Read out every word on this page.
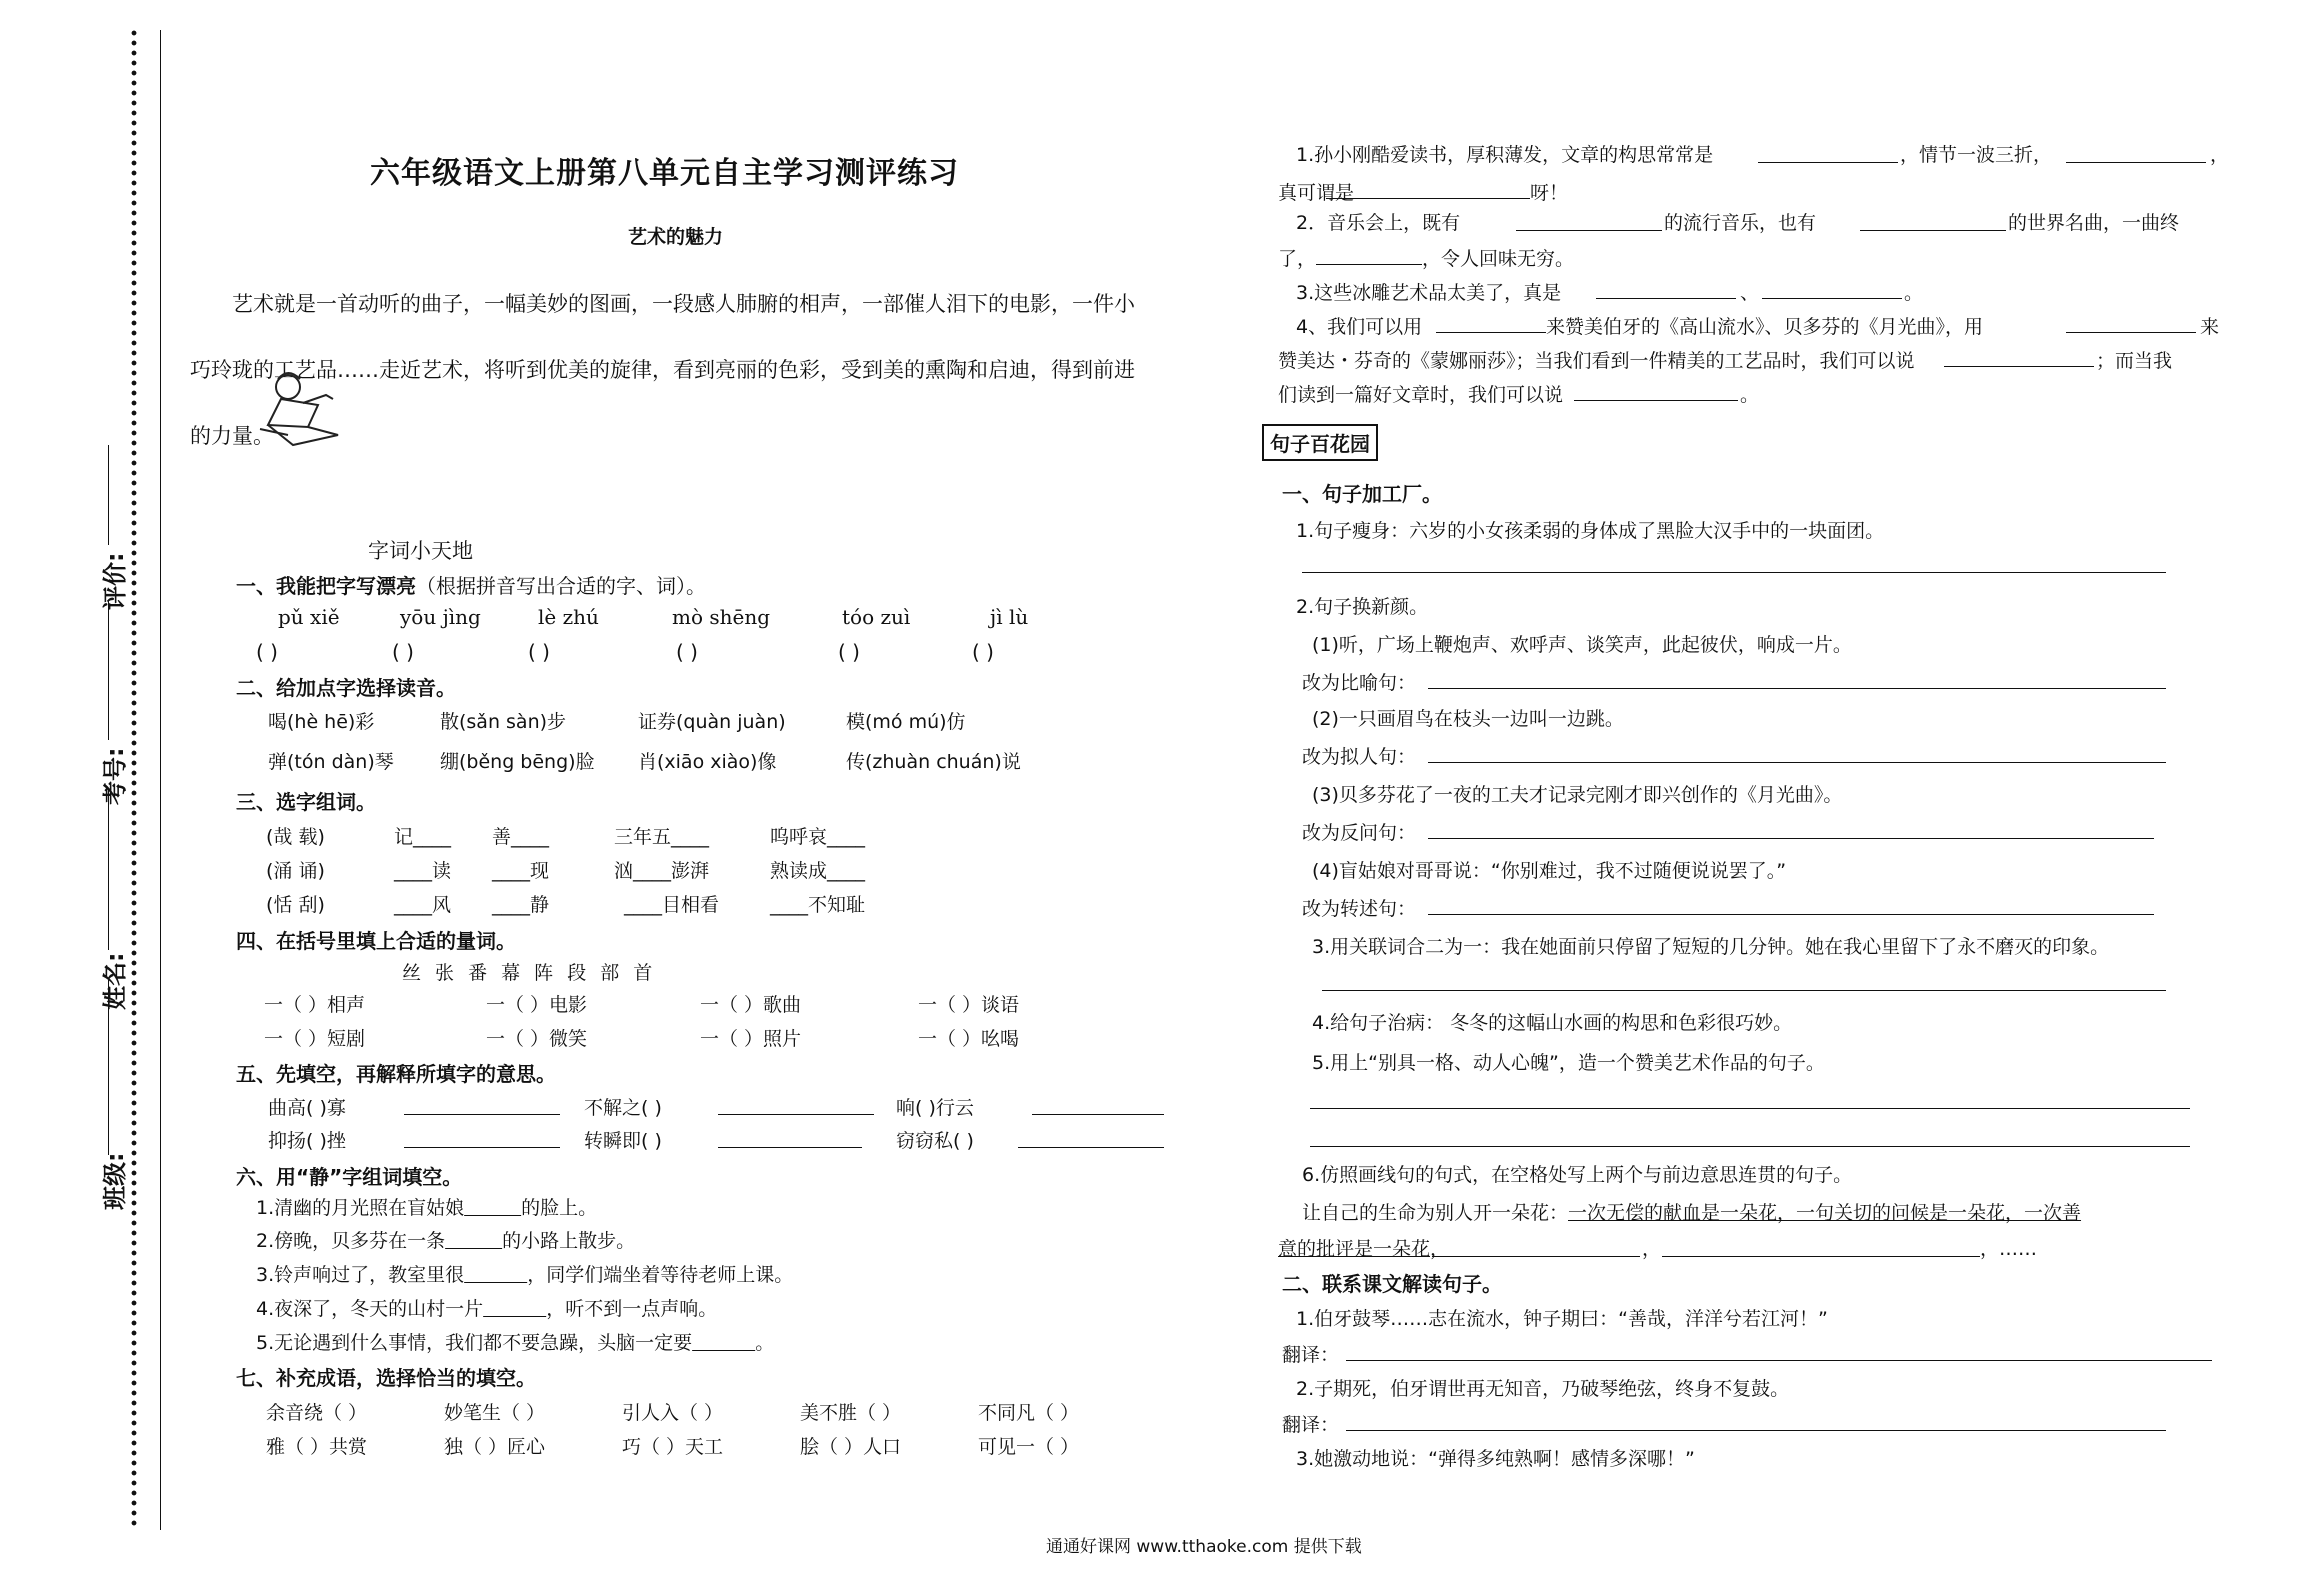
班级:
姓名:
考号:
评价:
六年级语文上册第八单元自主学习测评练习
艺术的魅力
艺术就是一首动听的曲子，一幅美妙的图画，一段感人肺腑的相声，一部催人泪下的电影，一件小
巧玲珑的工艺品……走近艺术，将听到优美的旋律，看到亮丽的色彩，受到美的熏陶和启迪，得到前进
的力量。
字词小天地
一、我能把字写漂亮（根据拼音写出合适的字、词）。
pǔ xiě	yōu jìng	lè zhú	mò shēng	tóo zuì	jì lù
( )	( )	( )	( )	( )	( )
二、给加点字选择读音。
喝(hè hē)彩	散(sǎn sàn)步	证券(quàn juàn)	模(mó mú)仿
弹(tón dàn)琴 绷(běng bēng)脸 肖(xiāo xiào)像	传(zhuàn chuán)说
三、选字组词。
(哉 载)	记____ 善____	三年五____	呜呼哀____
(涌 诵)	____读 ____现	汹____澎湃	熟读成____
(恬 刮)	____风 ____静	____目相看	____不知耻
四、在括号里填上合适的量词。
丝 张 番 幕 阵 段 部 首
一（ ）相声	一（ ）电影	一（ ）歌曲	一（ ）谈语
一（ ）短剧	一（ ）微笑	一（ ）照片	一（ ）吆喝
五、先填空，再解释所填字的意思。
曲高( )寡	不解之( )	响( )行云
抑扬( )挫	转瞬即( )	窃窃私( )
六、用“静”字组词填空。
1.清幽的月光照在盲姑娘   	的脸上。
2.傍晚，贝多芬在一条   	的小路上散步。
3.铃声响过了，教室里很   	，同学们端坐着等待老师上课。
4.夜深了，冬天的山村一片   	，听不到一点声响。
5.无论遇到什么事情，我们都不要急躁，头脑一定要   	。
七、补充成语，选择恰当的填空。
余音绕（ ）	妙笔生（ ）	引人入（ ）	美不胜（ ）	不同凡（ ）
雅（ ）共赏	独（ ）匠心	巧（ ）天工	脍（ ）人口	可见一（ ）
1.孙小刚酷爱读书，厚积薄发，文章的构思常常是	，情节一波三折，	，
真可谓是	呀！
2．音乐会上，既有	的流行音乐，也有	的世界名曲，一曲终
了，	，令人回味无穷。
3.这些冰雕艺术品太美了，真是	、	。
4、我们可以用	来赞美伯牙的《高山流水》、贝多芬的《月光曲》，用	来
赞美达・芬奇的《蒙娜丽莎》；当我们看到一件精美的工艺品时，我们可以说	；而当我
们读到一篇好文章时，我们可以说	。
句子百花园
一、句子加工厂。
1.句子瘦身：六岁的小女孩柔弱的身体成了黑脸大汉手中的一块面团。
2.句子换新颜。
(1)听，广场上鞭炮声、欢呼声、谈笑声，此起彼伏，响成一片。
改为比喻句：
(2)一只画眉鸟在枝头一边叫一边跳。
改为拟人句：
(3)贝多芬花了一夜的工夫才记录完刚才即兴创作的《月光曲》。
改为反问句：
(4)盲姑娘对哥哥说：“你别难过，我不过随便说说罢了。”
改为转述句：
3.用关联词合二为一：我在她面前只停留了短短的几分钟。她在我心里留下了永不磨灭的印象。
4.给句子治病： 冬冬的这幅山水画的构思和色彩很巧妙。
5.用上“别具一格、动人心魄”，造一个赞美艺术作品的句子。
6.仿照画线句的句式，在空格处写上两个与前边意思连贯的句子。
让自己的生命为别人开一朵花：一次无偿的献血是一朵花，一句关切的问候是一朵花，一次善
意的批评是一朵花，	，	，……
二、联系课文解读句子。
1.伯牙鼓琴……志在流水，钟子期曰：“善哉，洋洋兮若江河！”
翻译：
2.子期死，伯牙谓世再无知音，乃破琴绝弦，终身不复鼓。
翻译：
3.她激动地说：“弹得多纯熟啊！感情多深哪！”
通通好课网 www.tthaoke.com 提供下载
